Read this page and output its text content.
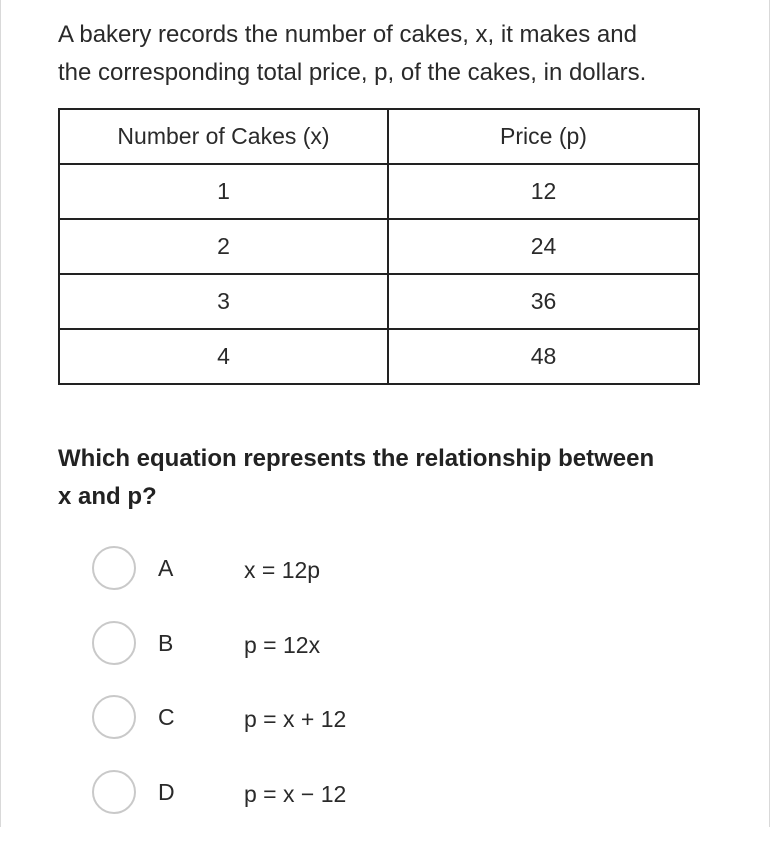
A bakery records the number of cakes, x, it makes and
the corresponding total price, p, of the cakes, in dollars.
Number of Cakes (x)	Price (p)
1	12
2	24
3	36
4	48
Which equation represents the relationship between
x and p?
A	x = 12p
B	p = 12x
C	p = x + 12
D	p = x − 12
